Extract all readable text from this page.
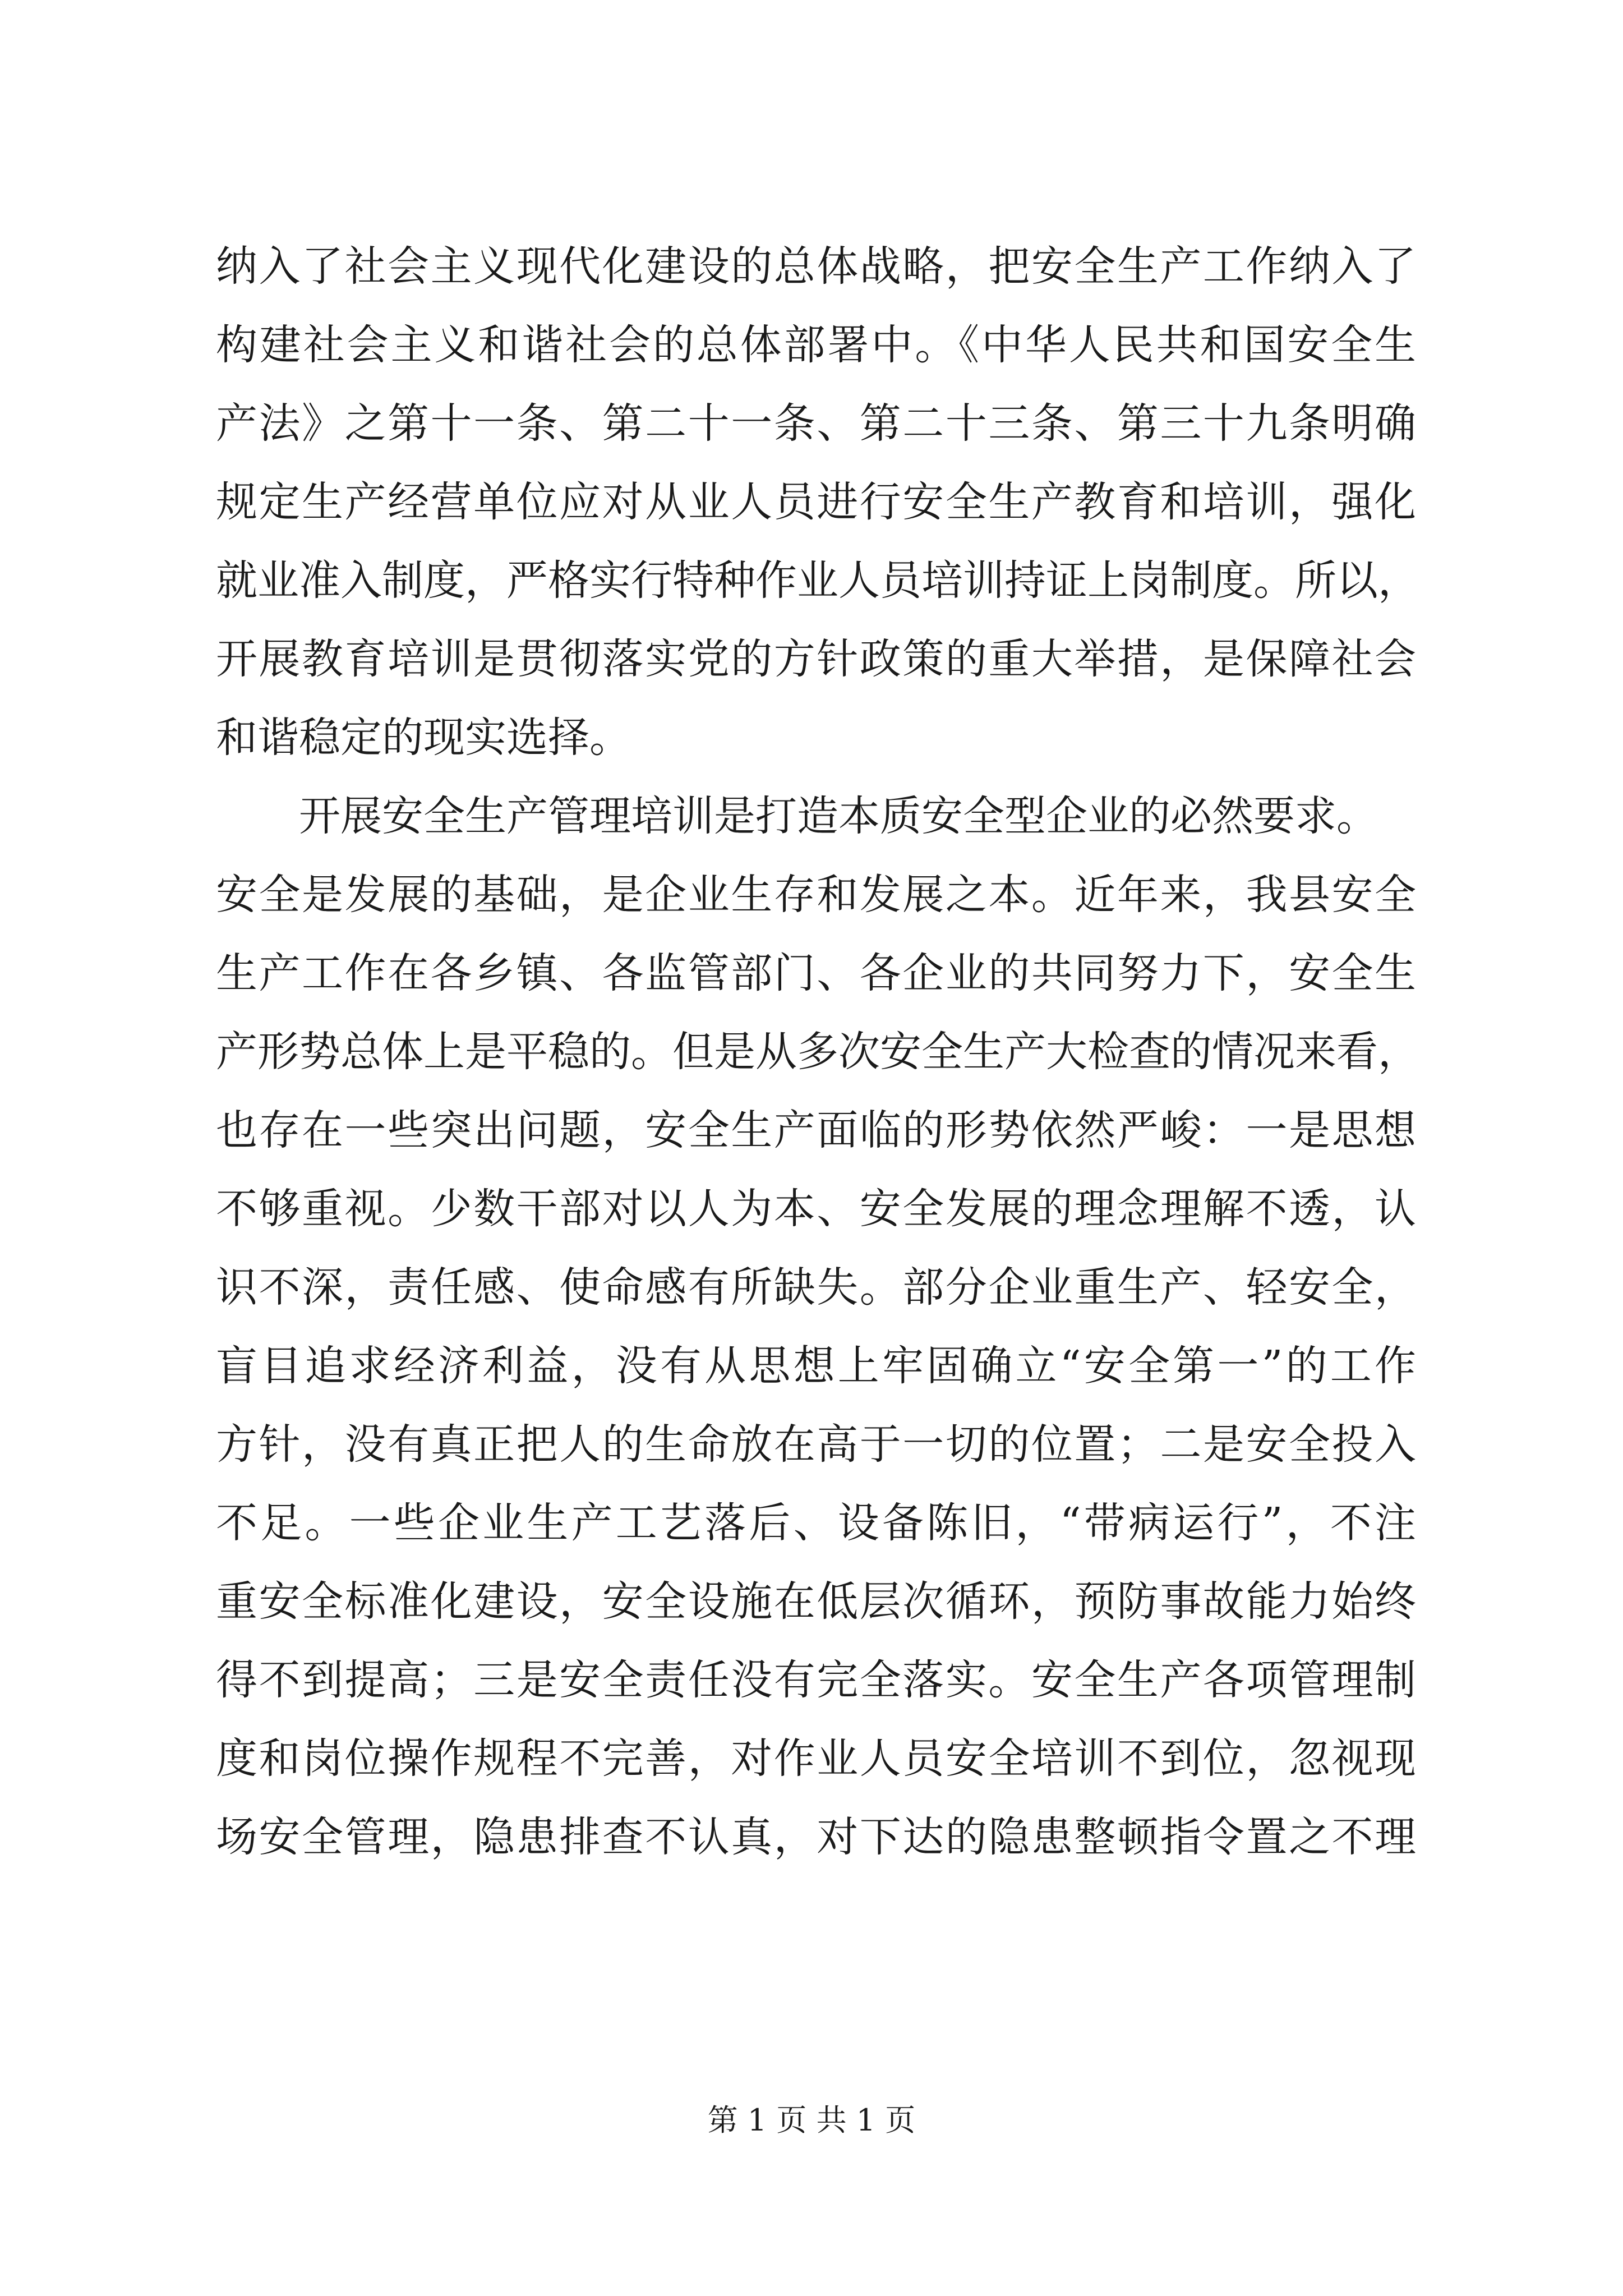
纳入了社会主义现代化建设的总体战略，把安全生产工作纳入了
构建社会主义和谐社会的总体部署中。《中华人民共和国安全生
产法》之第十一条、第二十一条、第二十三条、第三十九条明确
规定生产经营单位应对从业人员进行安全生产教育和培训，强化
就业准入制度，严格实行特种作业人员培训持证上岗制度。所以，
开展教育培训是贯彻落实党的方针政策的重大举措，是保障社会
和谐稳定的现实选择。
开展安全生产管理培训是打造本质安全型企业的必然要求。
安全是发展的基础，是企业生存和发展之本。近年来，我县安全
生产工作在各乡镇、各监管部门、各企业的共同努力下，安全生
产形势总体上是平稳的。但是从多次安全生产大检查的情况来看，
也存在一些突出问题，安全生产面临的形势依然严峻：一是思想
不够重视。少数干部对以人为本、安全发展的理念理解不透，认
识不深，责任感、使命感有所缺失。部分企业重生产、轻安全，
盲目追求经济利益，没有从思想上牢固确立“安全第一”的工作
方针，没有真正把人的生命放在高于一切的位置；二是安全投入
不足。一些企业生产工艺落后、设备陈旧，“带病运行”，不注
重安全标准化建设，安全设施在低层次循环，预防事故能力始终
得不到提高；三是安全责任没有完全落实。安全生产各项管理制
度和岗位操作规程不完善，对作业人员安全培训不到位，忽视现
场安全管理，隐患排查不认真，对下达的隐患整顿指令置之不理
第 1 页 共 1 页
